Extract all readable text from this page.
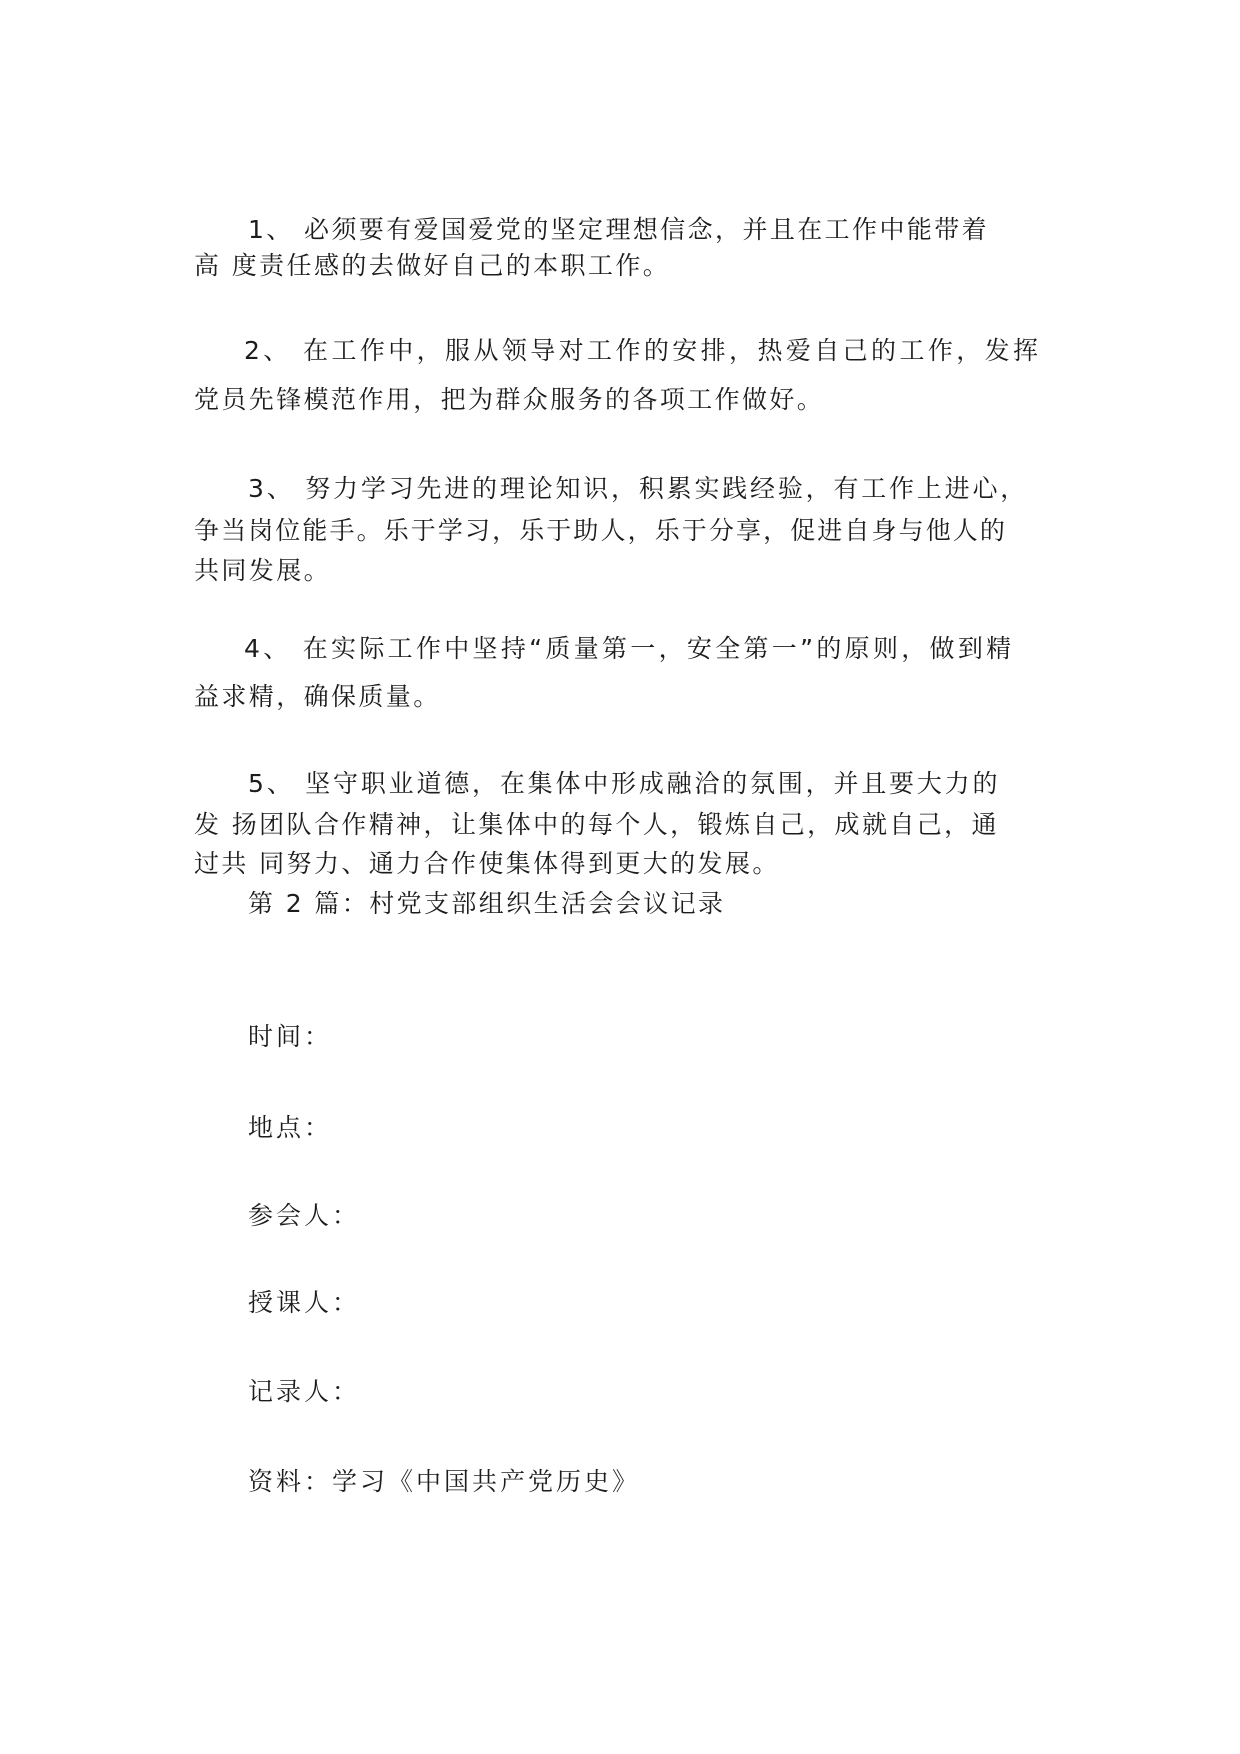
1、 必须要有爱国爱党的坚定理想信念，并且在工作中能带着
高 度责任感的去做好自己的本职工作。
2、 在工作中，服从领导对工作的安排，热爱自己的工作，发挥
党员先锋模范作用，把为群众服务的各项工作做好。
3、 努力学习先进的理论知识，积累实践经验，有工作上进心，
争当岗位能手。乐于学习，乐于助人，乐于分享，促进自身与他人的
共同发展。
4、 在实际工作中坚持“质量第一，安全第一”的原则，做到精
益求精，确保质量。
5、 坚守职业道德，在集体中形成融洽的氛围，并且要大力的
发 扬团队合作精神，让集体中的每个人，锻炼自己，成就自己，通
过共 同努力、通力合作使集体得到更大的发展。
第 2 篇：村党支部组织生活会会议记录
时间：
地点：
参会人：
授课人：
记录人：
资料：学习《中国共产党历史》
